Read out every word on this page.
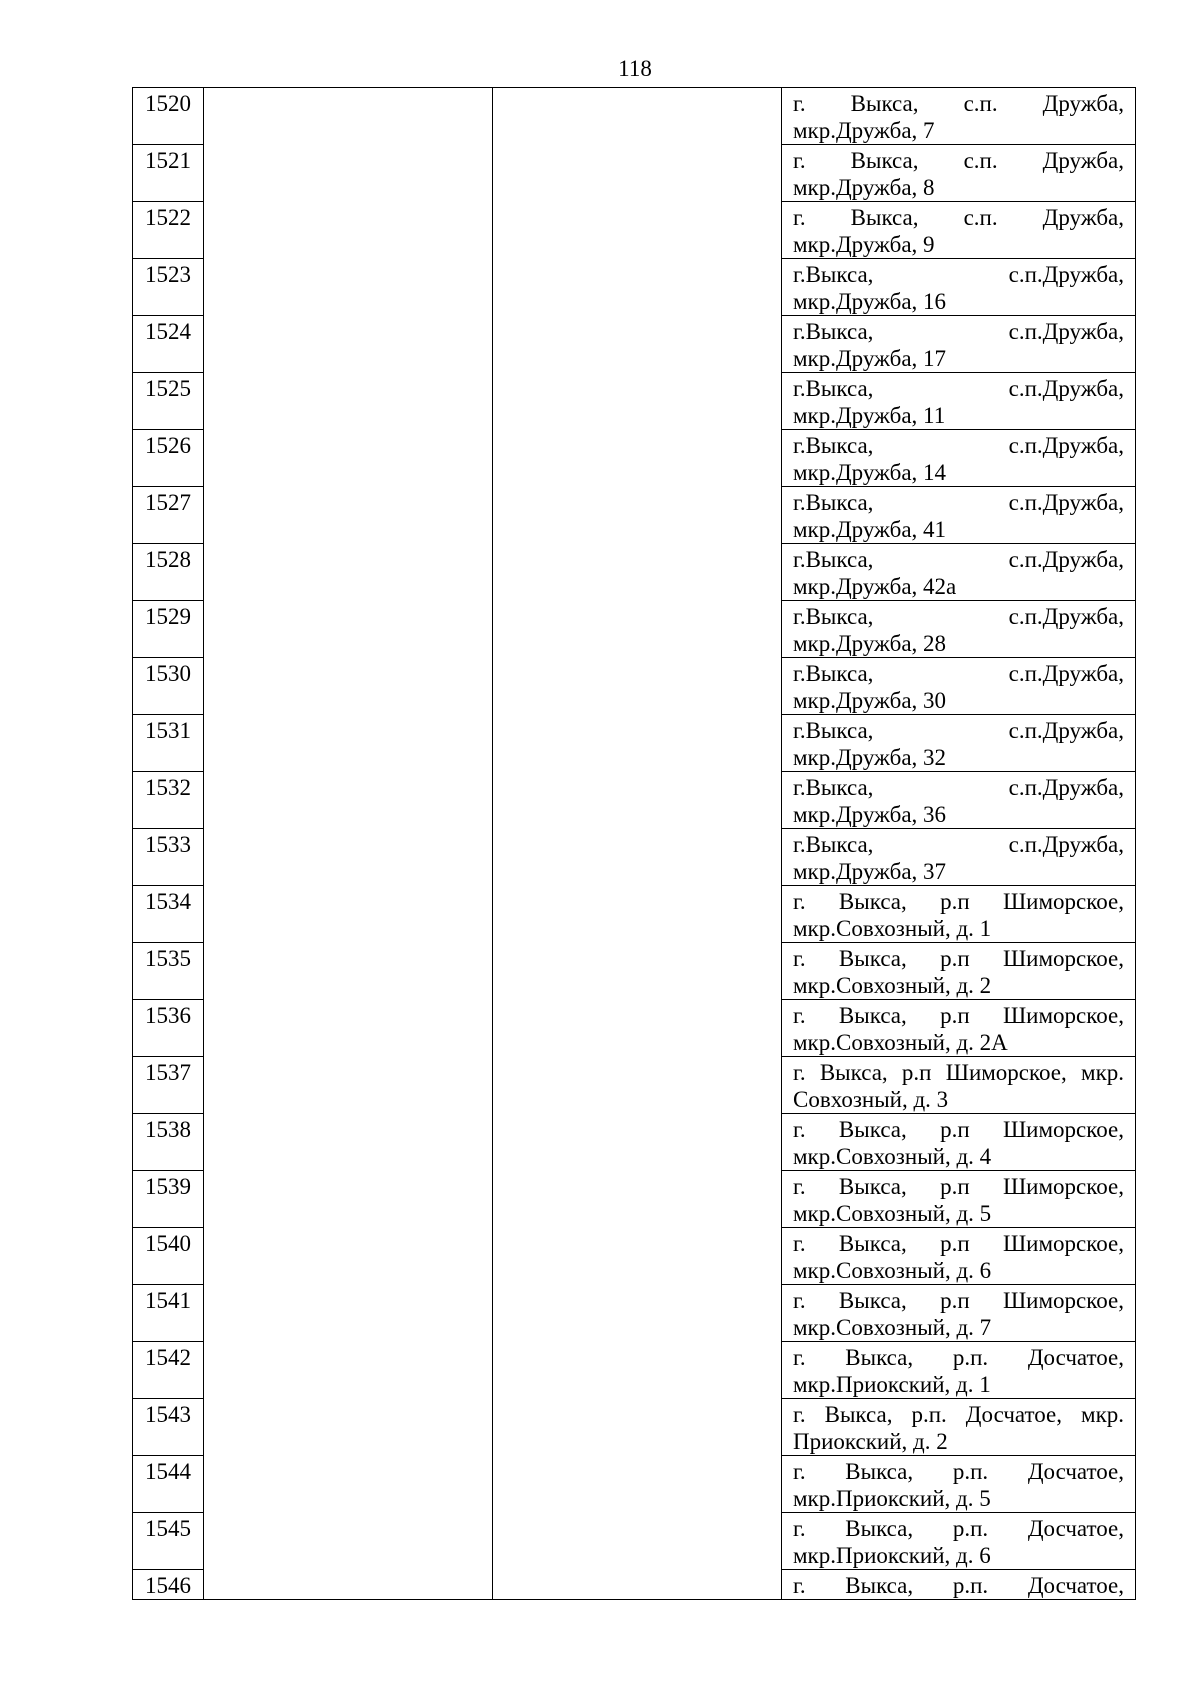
118
1520			г. Выкса, с.п. Дружба, мкр.Дружба, 7

1521			г. Выкса, с.п. Дружба, мкр.Дружба, 8

1522			г. Выкса, с.п. Дружба, мкр.Дружба, 9

1523			г.Выкса, с.п.Дружба, мкр.Дружба, 16

1524			г.Выкса, с.п.Дружба, мкр.Дружба, 17

1525			г.Выкса, с.п.Дружба, мкр.Дружба, 11

1526			г.Выкса, с.п.Дружба, мкр.Дружба, 14

1527			г.Выкса, с.п.Дружба, мкр.Дружба, 41

1528			г.Выкса, с.п.Дружба, мкр.Дружба, 42а

1529			г.Выкса, с.п.Дружба, мкр.Дружба, 28

1530			г.Выкса, с.п.Дружба, мкр.Дружба, 30

1531			г.Выкса, с.п.Дружба, мкр.Дружба, 32

1532			г.Выкса, с.п.Дружба, мкр.Дружба, 36

1533			г.Выкса, с.п.Дружба, мкр.Дружба, 37

1534			г. Выкса, р.п Шиморское, мкр.Совхозный, д. 1

1535			г. Выкса, р.п Шиморское, мкр.Совхозный, д. 2

1536			г. Выкса, р.п Шиморское, мкр.Совхозный, д. 2А

1537			г. Выкса, р.п Шиморское, мкр. Совхозный, д. 3

1538			г. Выкса, р.п Шиморское, мкр.Совхозный, д. 4

1539			г. Выкса, р.п Шиморское, мкр.Совхозный, д. 5

1540			г. Выкса, р.п Шиморское, мкр.Совхозный, д. 6

1541			г. Выкса, р.п Шиморское, мкр.Совхозный, д. 7

1542			г. Выкса, р.п. Досчатое, мкр.Приокский, д. 1

1543			г. Выкса, р.п. Досчатое, мкр. Приокский, д. 2

1544			г. Выкса, р.п. Досчатое, мкр.Приокский, д. 5

1545			г. Выкса, р.п. Досчатое, мкр.Приокский, д. 6

1546			г. Выкса, р.п. Досчатое,
